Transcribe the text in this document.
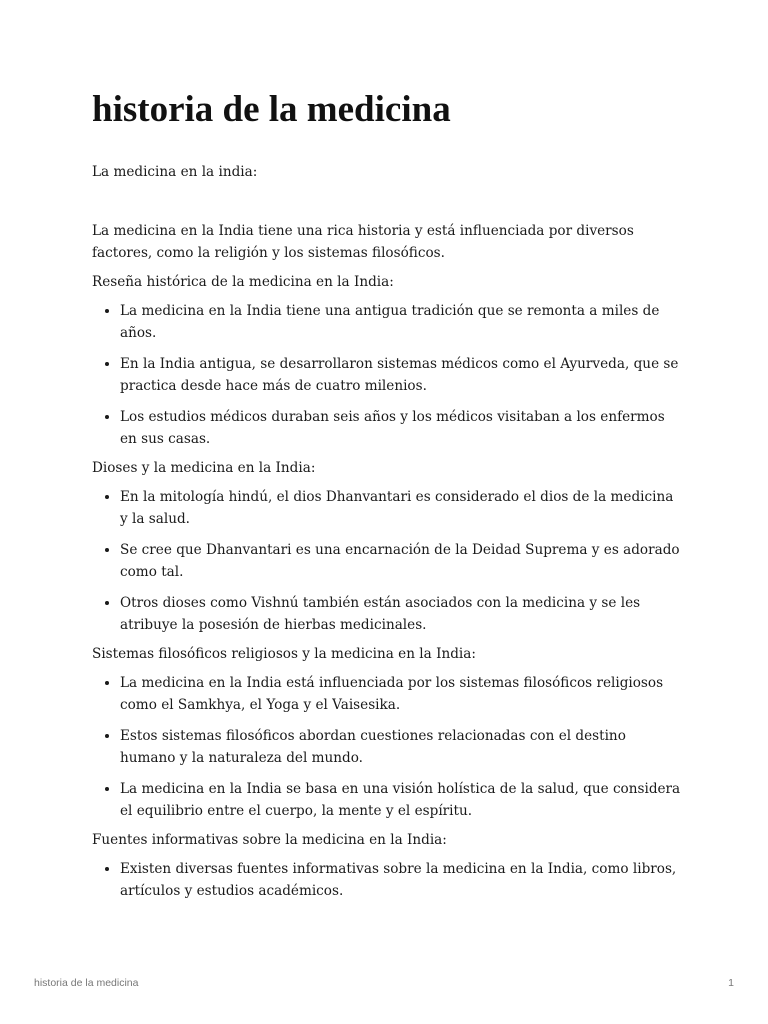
historia de la medicina

La medicina en la india:

La medicina en la India tiene una rica historia y está influenciada por diversos factores, como la religión y los sistemas filosóficos.

Reseña histórica de la medicina en la India:

• La medicina en la India tiene una antigua tradición que se remonta a miles de años.
• En la India antigua, se desarrollaron sistemas médicos como el Ayurveda, que se practica desde hace más de cuatro milenios.
• Los estudios médicos duraban seis años y los médicos visitaban a los enfermos en sus casas.

Dioses y la medicina en la India:

• En la mitología hindú, el dios Dhanvantari es considerado el dios de la medicina y la salud.
• Se cree que Dhanvantari es una encarnación de la Deidad Suprema y es adorado como tal.
• Otros dioses como Vishnú también están asociados con la medicina y se les atribuye la posesión de hierbas medicinales.

Sistemas filosóficos religiosos y la medicina en la India:

• La medicina en la India está influenciada por los sistemas filosóficos religiosos como el Samkhya, el Yoga y el Vaisesika.
• Estos sistemas filosóficos abordan cuestiones relacionadas con el destino humano y la naturaleza del mundo.
• La medicina en la India se basa en una visión holística de la salud, que considera el equilibrio entre el cuerpo, la mente y el espíritu.

Fuentes informativas sobre la medicina en la India:

• Existen diversas fuentes informativas sobre la medicina en la India, como libros, artículos y estudios académicos.
historia de la medicina	1
